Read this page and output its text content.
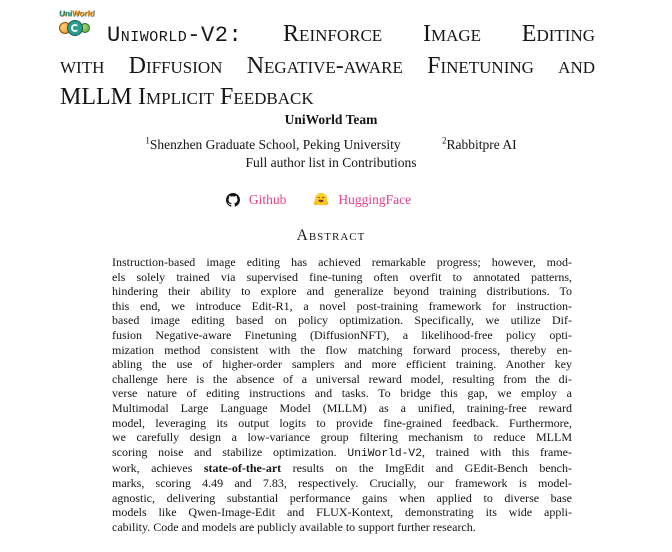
UniWorld
Uniworld-V2: Reinforce Image Editing
with Diffusion Negative-aware Finetuning and
MLLM Implicit Feedback
UniWorld Team
$^1$Shenzhen Graduate School, Peking University	$^2$Rabbitpre AI
Full author list in Contributions
Github	HuggingFace
Abstract
Instruction-based image editing has achieved remarkable progress; however, mod-
els solely trained via supervised fine-tuning often overfit to annotated patterns,
hindering their ability to explore and generalize beyond training distributions. To
this end, we introduce Edit-R1, a novel post-training framework for instruction-
based image editing based on policy optimization. Specifically, we utilize Dif-
fusion Negative-aware Finetuning (DiffusionNFT), a likelihood-free policy opti-
mization method consistent with the flow matching forward process, thereby en-
abling the use of higher-order samplers and more efficient training. Another key
challenge here is the absence of a universal reward model, resulting from the di-
verse nature of editing instructions and tasks. To bridge this gap, we employ a
Multimodal Large Language Model (MLLM) as a unified, training-free reward
model, leveraging its output logits to provide fine-grained feedback. Furthermore,
we carefully design a low-variance group filtering mechanism to reduce MLLM
scoring noise and stabilize optimization. UniWorld-V2, trained with this frame-
work, achieves state-of-the-art results on the ImgEdit and GEdit-Bench bench-
marks, scoring 4.49 and 7.83, respectively. Crucially, our framework is model-
agnostic, delivering substantial performance gains when applied to diverse base
models like Qwen-Image-Edit and FLUX-Kontext, demonstrating its wide appli-
cability. Code and models are publicly available to support further research.
